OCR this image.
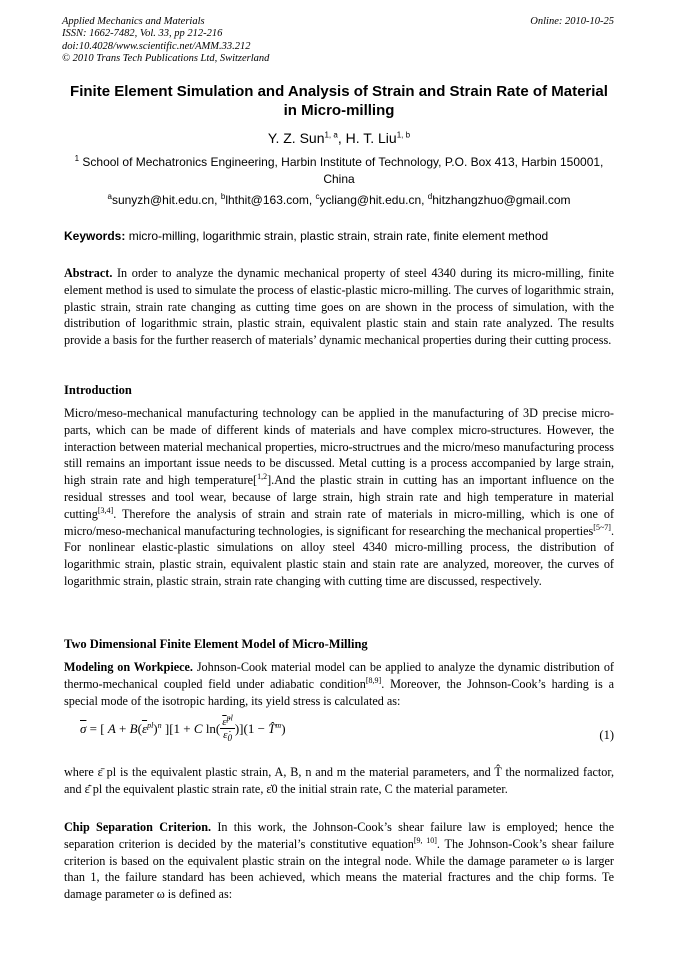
Applied Mechanics and Materials
ISSN: 1662-7482, Vol. 33, pp 212-216
doi:10.4028/www.scientific.net/AMM.33.212
© 2010 Trans Tech Publications Ltd, Switzerland
Online: 2010-10-25
Finite Element Simulation and Analysis of Strain and Strain Rate of Material in Micro-milling
Y. Z. Sun$^{1, a}$, H. T. Liu$^{1, b}$
$^1$ School of Mechatronics Engineering, Harbin Institute of Technology, P.O. Box 413, Harbin 150001, China
$^a$sunyzh@hit.edu.cn, $^b$lhthit@163.com, $^c$ycliang@hit.edu.cn, $^d$hitzhangzhuo@gmail.com
Keywords: micro-milling, logarithmic strain, plastic strain, strain rate, finite element method
Abstract. In order to analyze the dynamic mechanical property of steel 4340 during its micro-milling, finite element method is used to simulate the process of elastic-plastic micro-milling. The curves of logarithmic strain, plastic strain, strain rate changing as cutting time goes on are shown in the process of simulation, with the distribution of logarithmic strain, plastic strain, equivalent plastic stain and stain rate analyzed. The results provide a basis for the further reaserch of materials’ dynamic mechanical properties during their cutting process.
Introduction
Micro/meso-mechanical manufacturing technology can be applied in the manufacturing of 3D precise micro-parts, which can be made of different kinds of materials and have complex micro-structures. However, the interaction between material mechanical properties, micro-structrues and the micro/meso manufacturing process still remains an important issue needs to be discussed. Metal cutting is a process accompanied by large strain, high strain rate and high temperature[$^{1,2}$].And the plastic strain in cutting has an important influence on the residual stresses and tool wear, because of large strain, high strain rate and high temperature in material cutting[3,4]. Therefore the analysis of strain and strain rate of materials in micro-milling, which is one of micro/meso-mechanical manufacturing technologies, is significant for researching the mechanical properties[5~7]. For nonlinear elastic-plastic simulations on alloy steel 4340 micro-milling process, the distribution of logarithmic strain, plastic strain, equivalent plastic stain and stain rate are analyzed, moreover, the curves of logarithmic strain, plastic strain, strain rate changing with cutting time are discussed, respectively.
Two Dimensional Finite Element Model of Micro-Milling
Modeling on Workpiece. Johnson-Cook material model can be applied to analyze the dynamic distribution of thermo-mechanical coupled field under adiabatic condition[8,9]. Moreover, the Johnson-Cook’s harding is a special mode of the isotropic harding, its yield stress is calculated as:
$\overline{\sigma}$ = [ $A + B(\overline{\varepsilon}^{pl})^n$ ][1 + C $\ln( \frac{\varepsiloṅ^{pl}}{\varepsiloṅ_0} )](1$ − T̂$^m$)	(1)
where ε̄ pl is the equivalent plastic strain, A, B, n and m the material parameters, and T̂ the normalized factor, and ε̄̇ pl the equivalent plastic strain rate, ε̇0 the initial strain rate, C the material parameter.
Chip Separation Criterion. In this work, the Johnson-Cook’s shear failure law is employed; hence the separation criterion is decided by the material’s constitutive equation[9, 10]. The Johnson-Cook’s shear failure criterion is based on the equivalent plastic strain on the integral node. While the damage parameter ω is larger than 1, the failure standard has been achieved, which means the material fractures and the chip forms. Te damage parameter ω is defined as:
